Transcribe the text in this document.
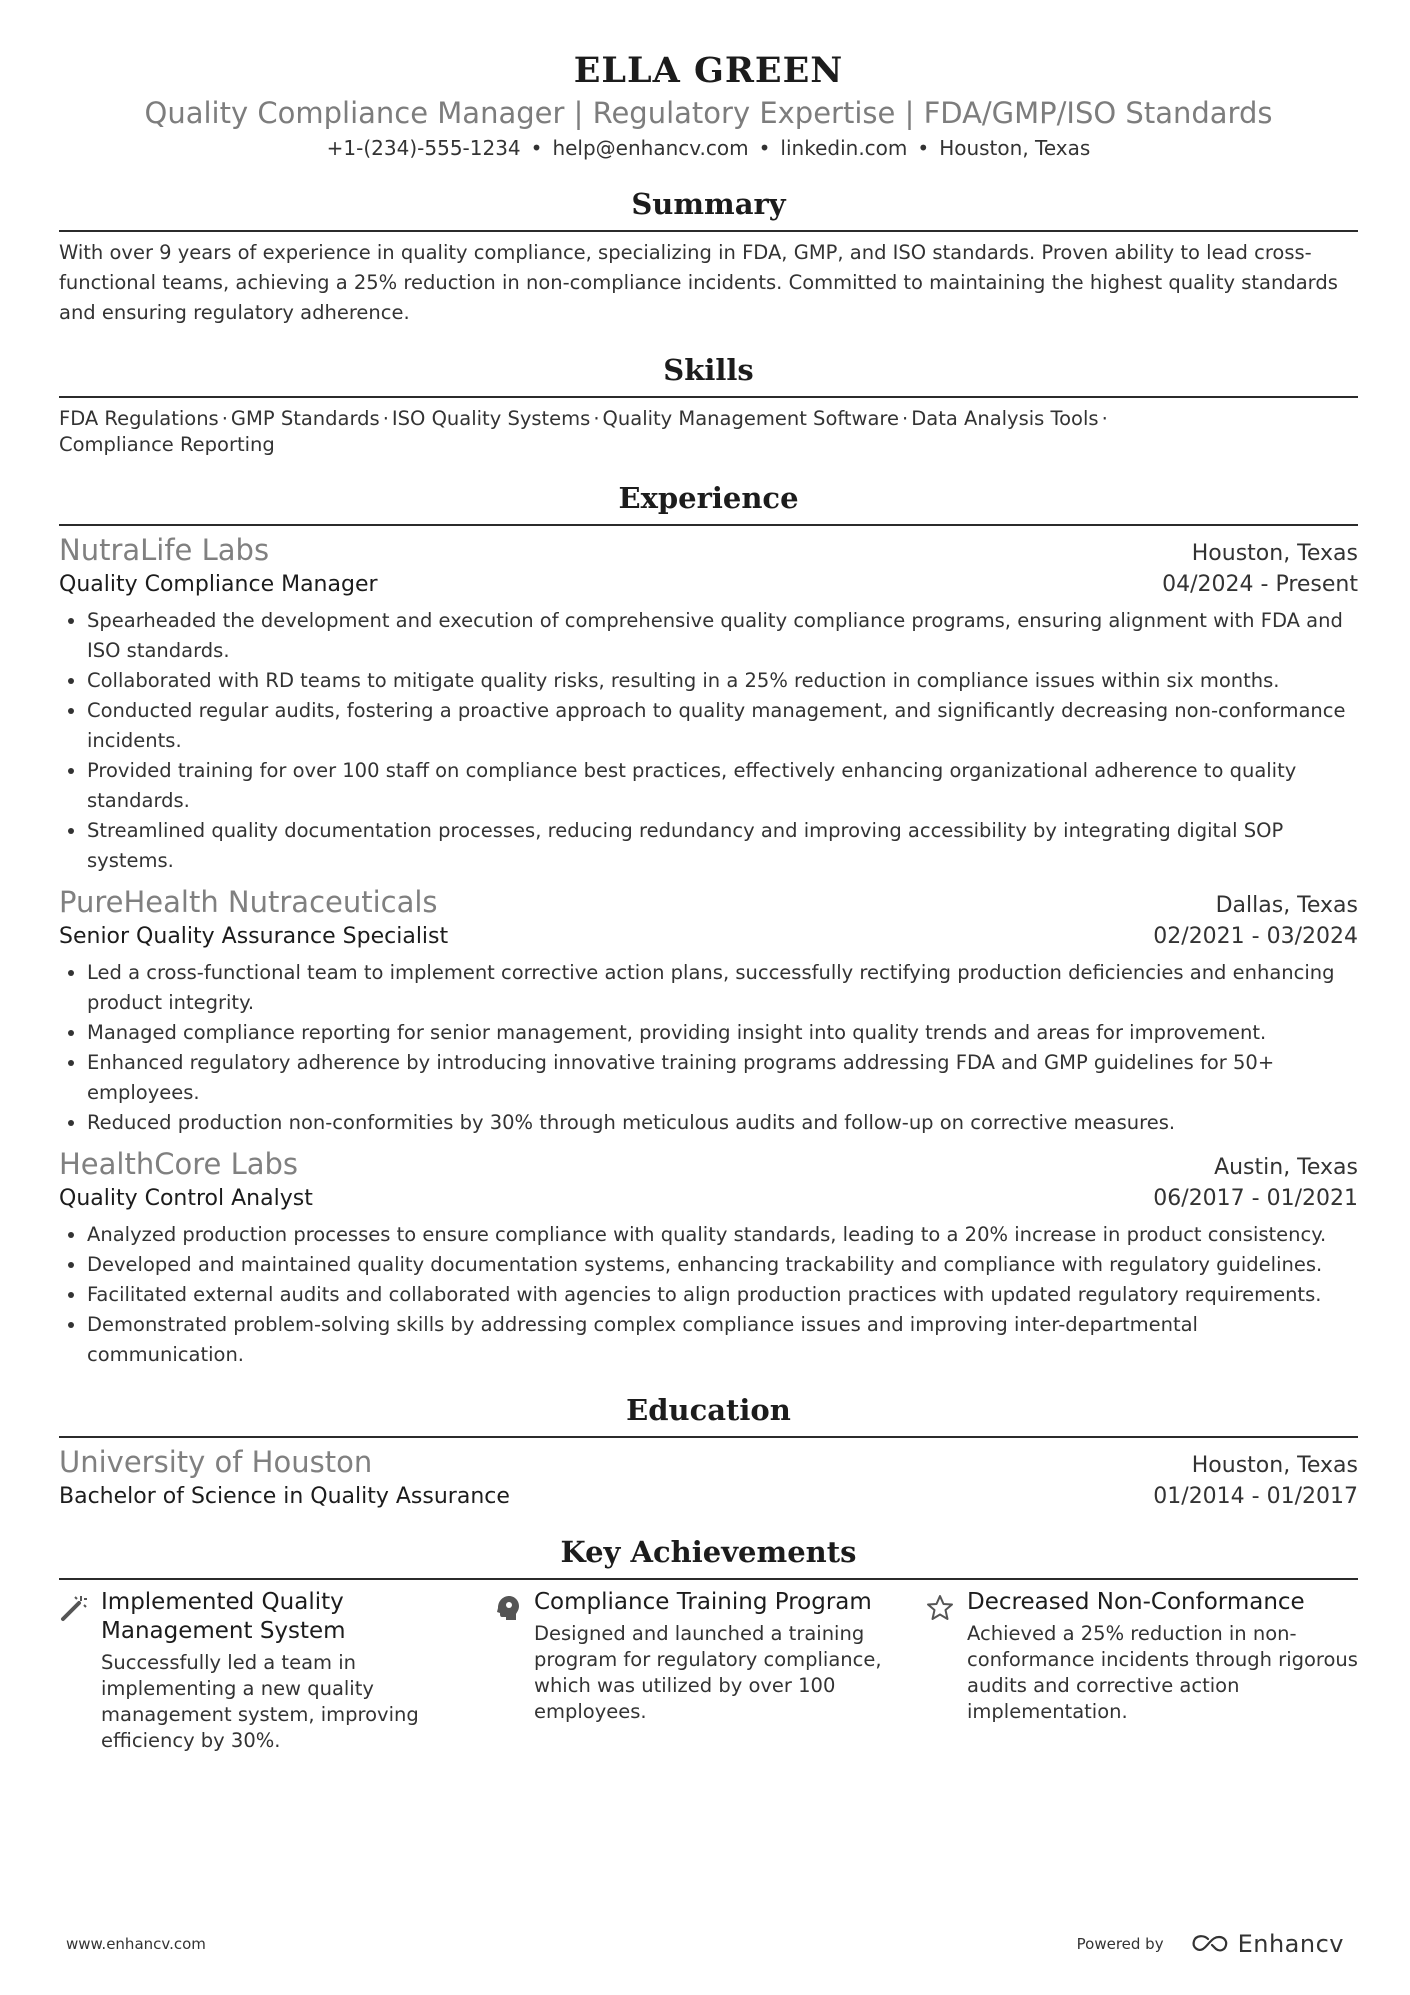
ELLA GREEN
Quality Compliance Manager | Regulatory Expertise | FDA/GMP/ISO Standards
+1-(234)-555-1234 • help@enhancv.com • linkedin.com • Houston, Texas
Summary
With over 9 years of experience in quality compliance, specializing in FDA, GMP, and ISO standards. Proven ability to lead cross-functional teams, achieving a 25% reduction in non-compliance incidents. Committed to maintaining the highest quality standards and ensuring regulatory adherence.
Skills
FDA Regulations · GMP Standards · ISO Quality Systems · Quality Management Software · Data Analysis Tools ·
Compliance Reporting
Experience
NutraLife Labs	Houston, Texas
Quality Compliance Manager	04/2024 - Present
• Spearheaded the development and execution of comprehensive quality compliance programs, ensuring alignment with FDA and ISO standards.
• Collaborated with RD teams to mitigate quality risks, resulting in a 25% reduction in compliance issues within six months.
• Conducted regular audits, fostering a proactive approach to quality management, and significantly decreasing non-conformance incidents.
• Provided training for over 100 staff on compliance best practices, effectively enhancing organizational adherence to quality standards.
• Streamlined quality documentation processes, reducing redundancy and improving accessibility by integrating digital SOP systems.
PureHealth Nutraceuticals	Dallas, Texas
Senior Quality Assurance Specialist	02/2021 - 03/2024
• Led a cross-functional team to implement corrective action plans, successfully rectifying production deficiencies and enhancing product integrity.
• Managed compliance reporting for senior management, providing insight into quality trends and areas for improvement.
• Enhanced regulatory adherence by introducing innovative training programs addressing FDA and GMP guidelines for 50+ employees.
• Reduced production non-conformities by 30% through meticulous audits and follow-up on corrective measures.
HealthCore Labs	Austin, Texas
Quality Control Analyst	06/2017 - 01/2021
• Analyzed production processes to ensure compliance with quality standards, leading to a 20% increase in product consistency.
• Developed and maintained quality documentation systems, enhancing trackability and compliance with regulatory guidelines.
• Facilitated external audits and collaborated with agencies to align production practices with updated regulatory requirements.
• Demonstrated problem-solving skills by addressing complex compliance issues and improving inter-departmental communication.
Education
University of Houston	Houston, Texas
Bachelor of Science in Quality Assurance	01/2014 - 01/2017
Key Achievements
Implemented Quality Management System
Successfully led a team in implementing a new quality management system, improving efficiency by 30%.
Compliance Training Program
Designed and launched a training program for regulatory compliance, which was utilized by over 100 employees.
Decreased Non-Conformance
Achieved a 25% reduction in non-conformance incidents through rigorous audits and corrective action implementation.
www.enhancv.com	Powered by	Enhancv
